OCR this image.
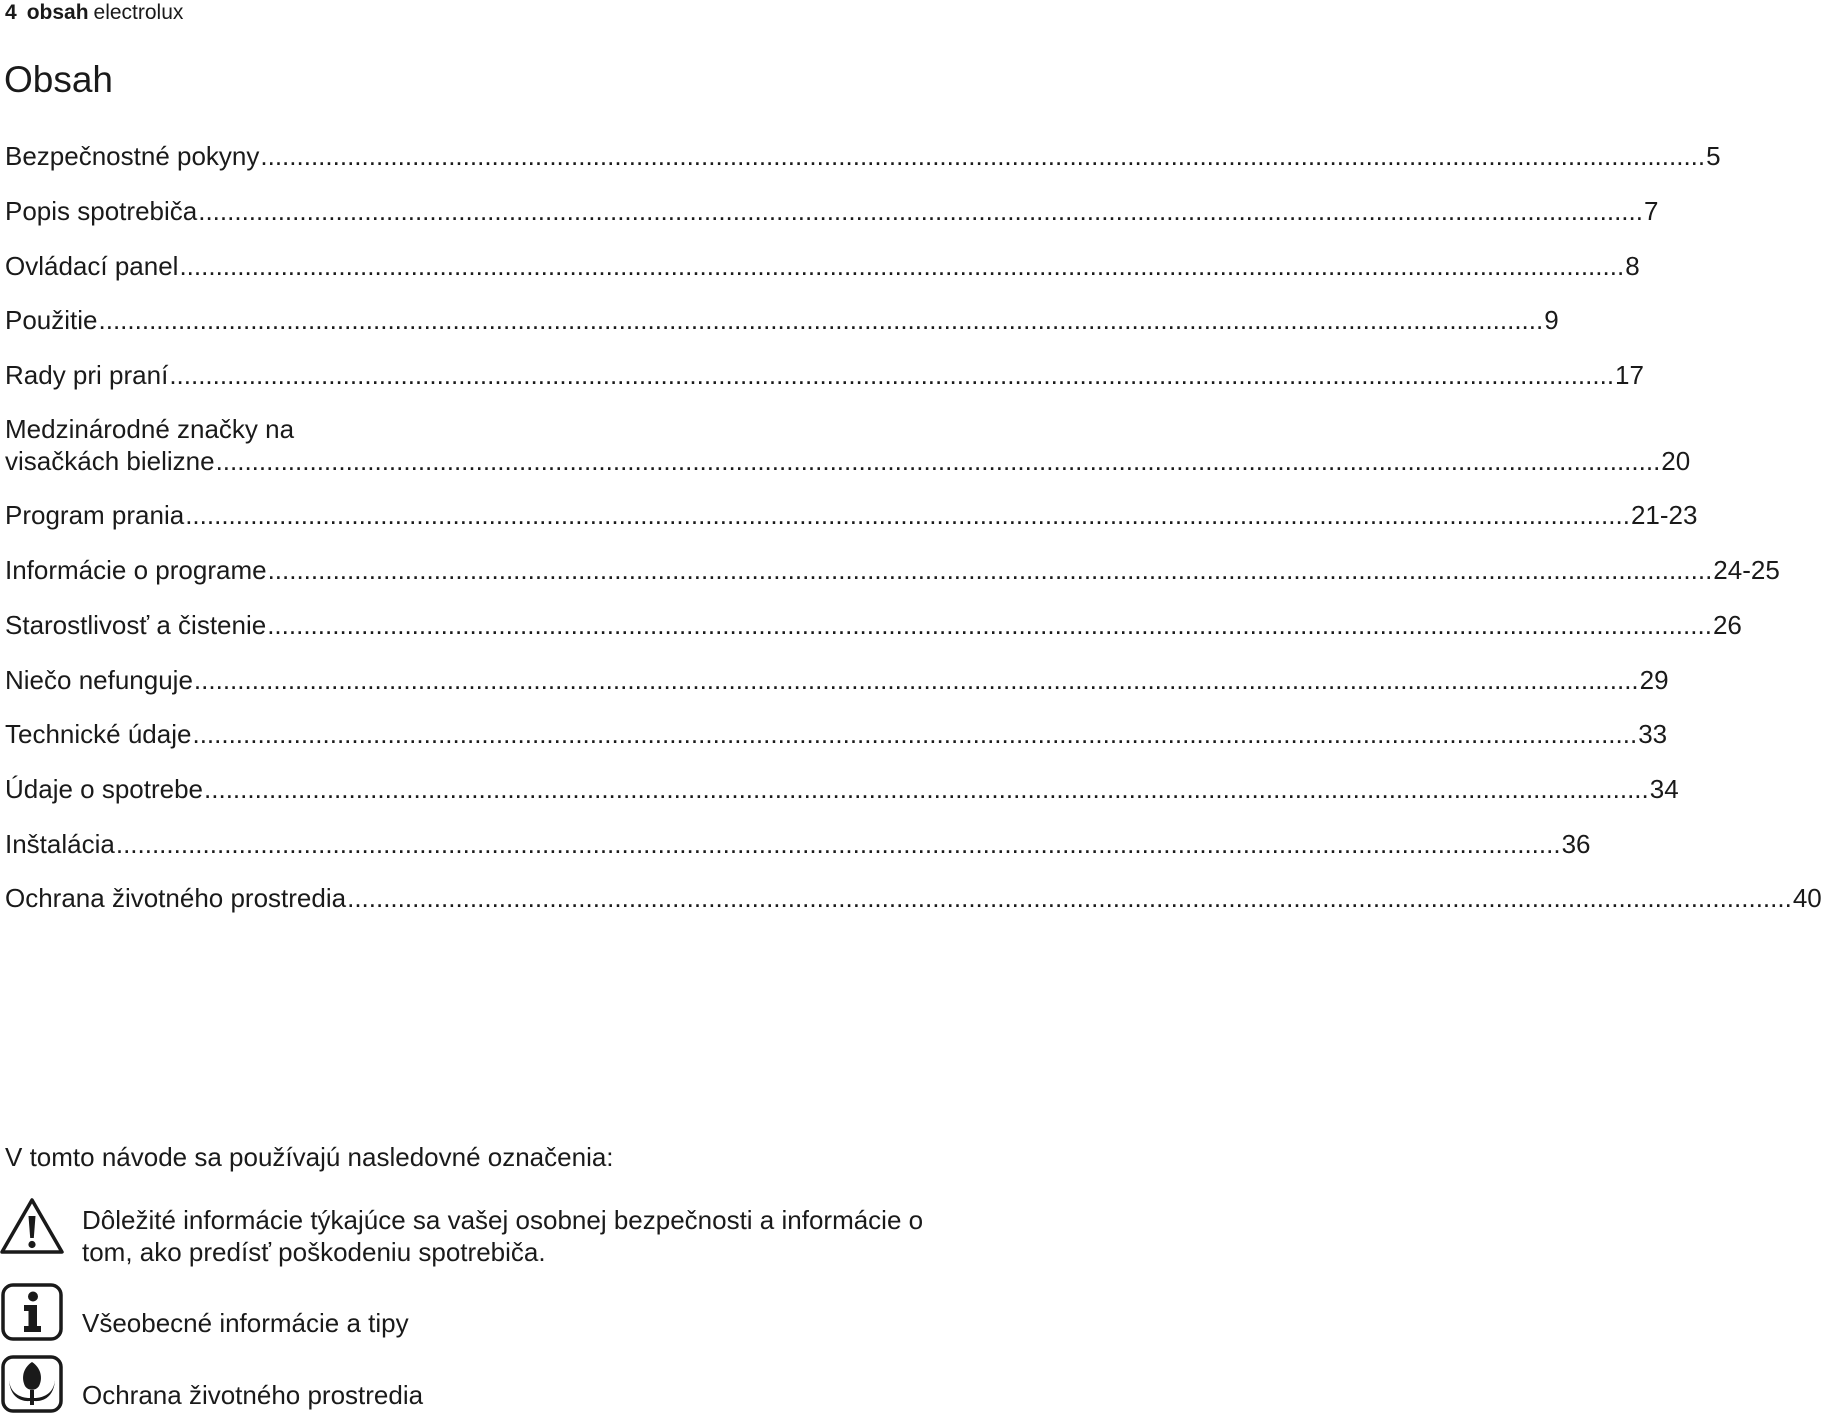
4 obsah electrolux
Obsah
Bezpečnostné pokyny ........................................................................................................................................................................................................ 5
Popis spotrebiča ........................................................................................................................................................................................................ 7
Ovládací panel ........................................................................................................................................................................................................ 8
Použitie ........................................................................................................................................................................................................ 9
Rady pri praní ........................................................................................................................................................................................................ 17
Medzinárodné značky na
visačkách bielizne ........................................................................................................................................................................................................ 20
Program prania ........................................................................................................................................................................................................ 21-23
Informácie o programe ........................................................................................................................................................................................................ 24-25
Starostlivosť a čistenie ........................................................................................................................................................................................................ 26
Niečo nefunguje ........................................................................................................................................................................................................ 29
Technické údaje ........................................................................................................................................................................................................ 33
Údaje o spotrebe ........................................................................................................................................................................................................ 34
Inštalácia ........................................................................................................................................................................................................ 36
Ochrana životného prostredia ........................................................................................................................................................................................................ 40
V tomto návode sa používajú nasledovné označenia:
Dôležité informácie týkajúce sa vašej osobnej bezpečnosti a informácie o
tom, ako predísť poškodeniu spotrebiča.
Všeobecné informácie a tipy
Ochrana životného prostredia
